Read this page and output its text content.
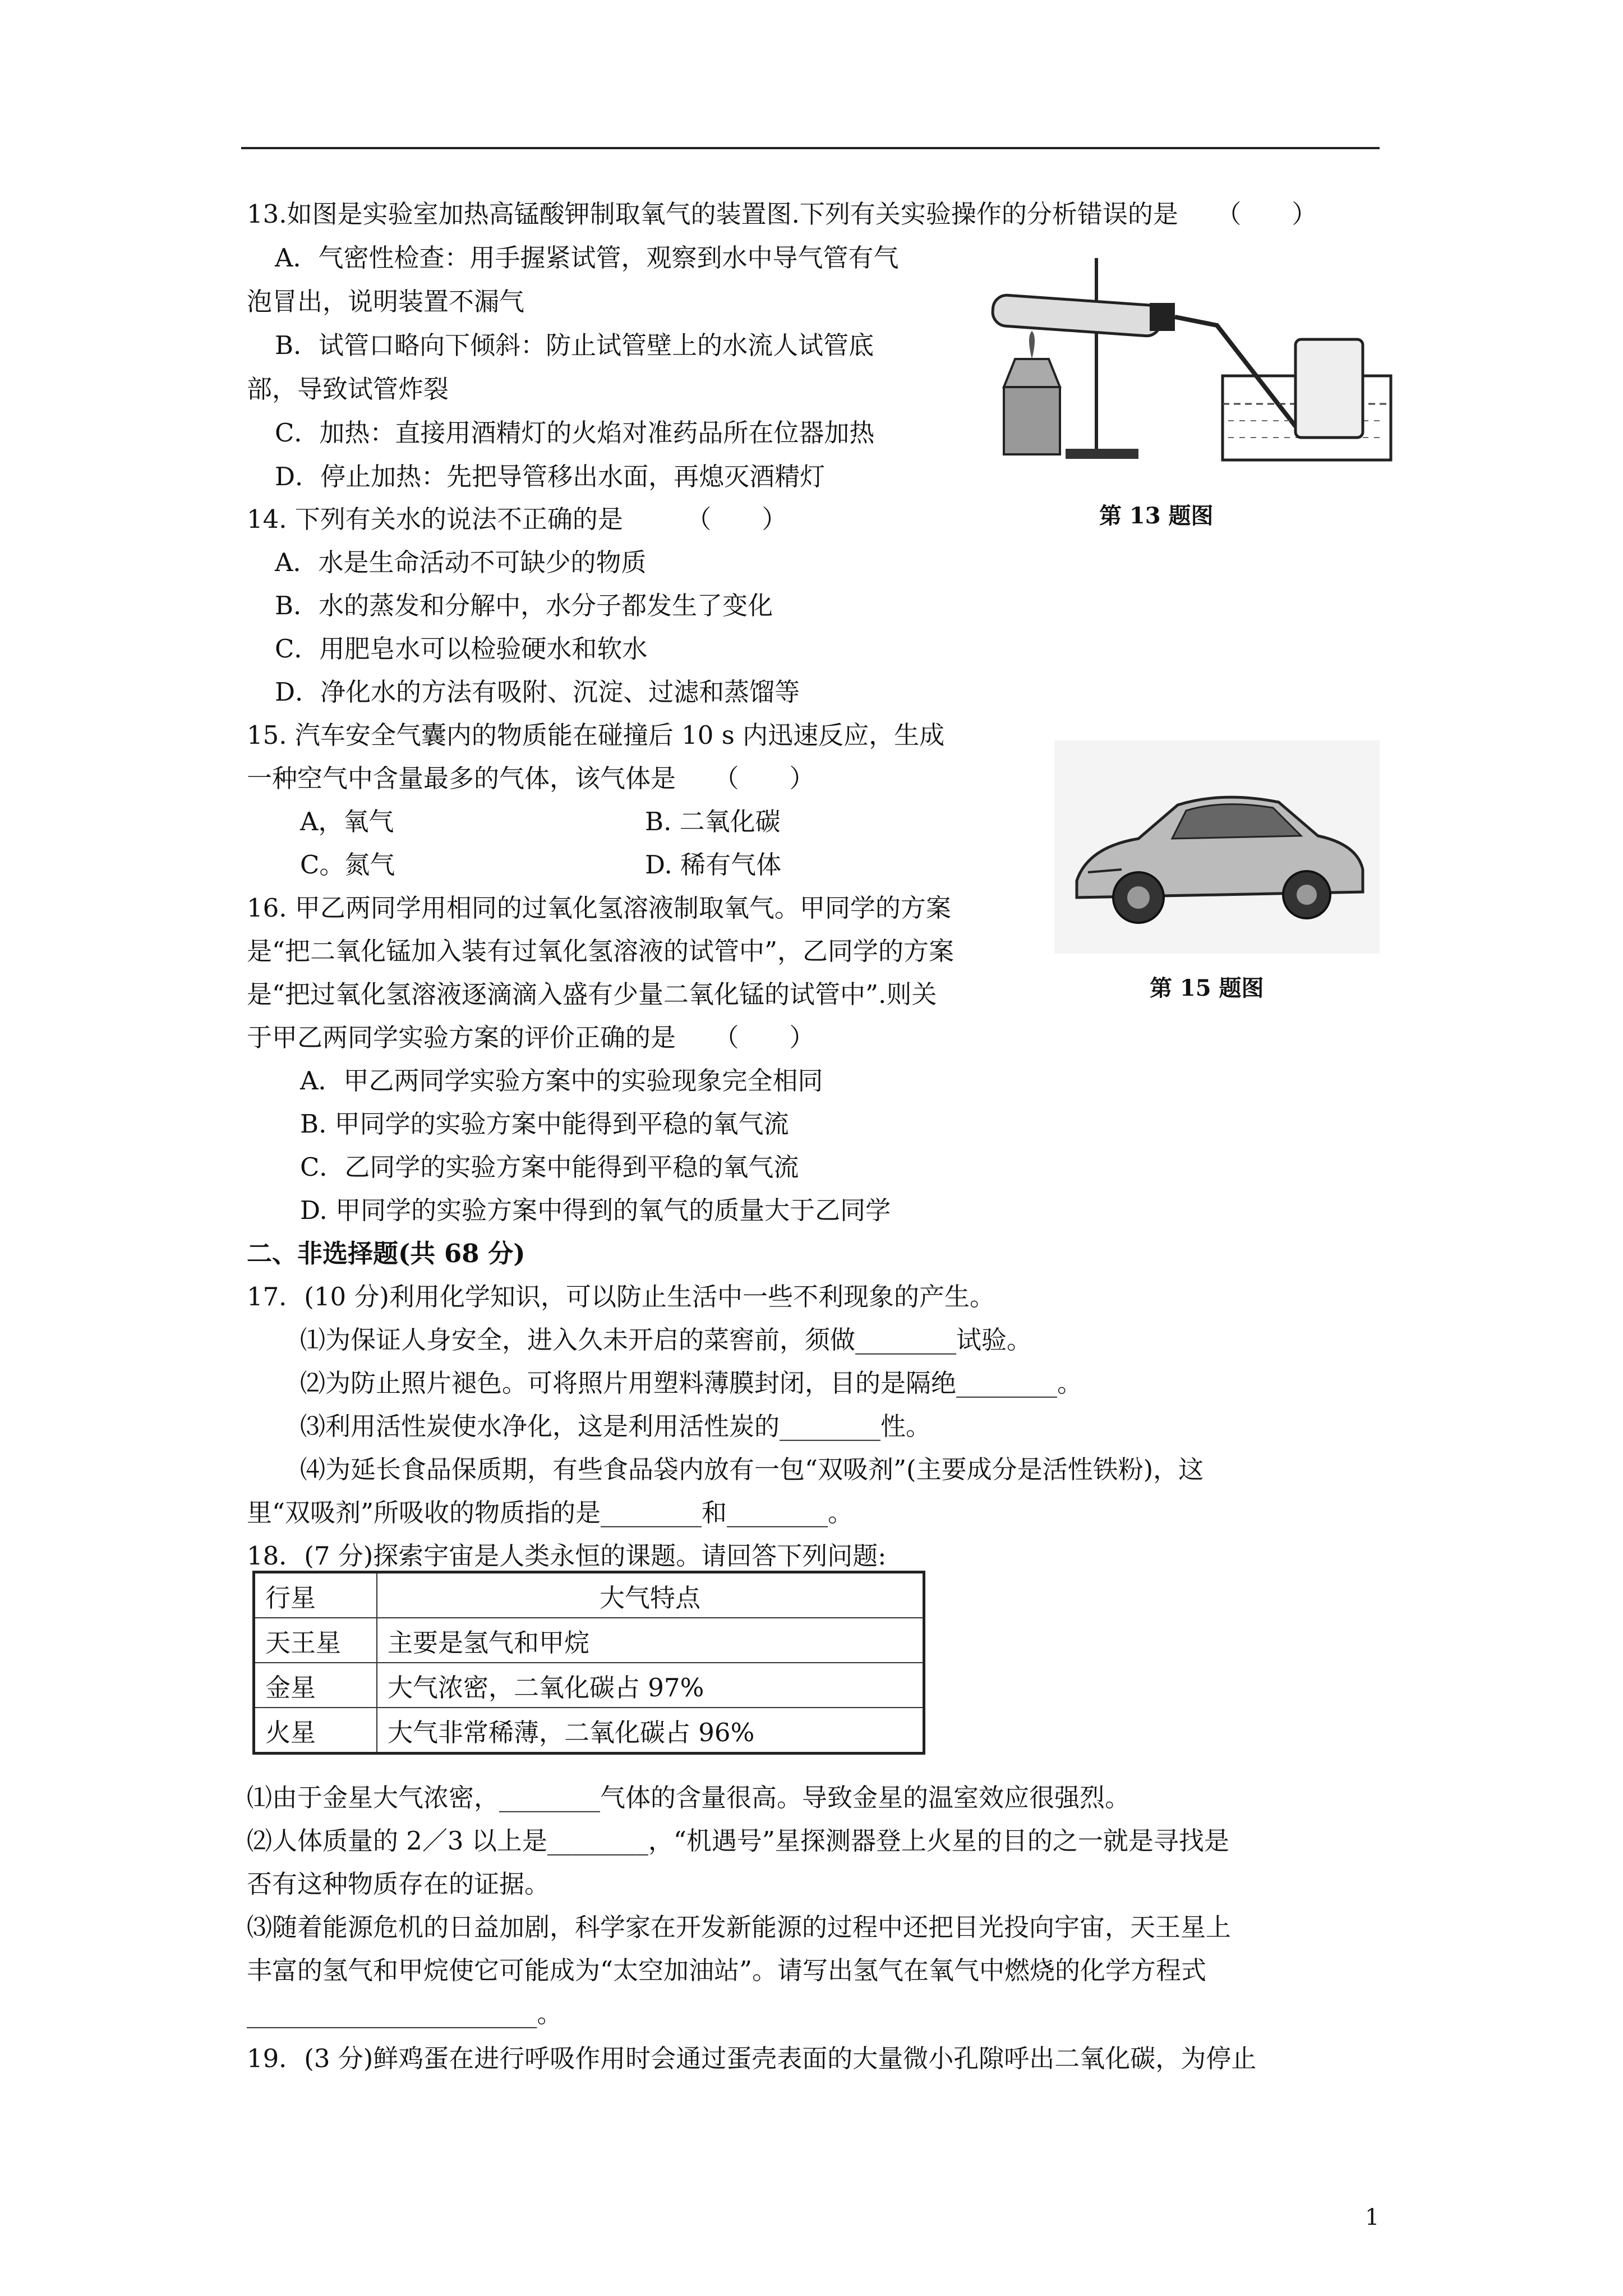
13.如图是实验室加热高锰酸钾制取氧气的装置图.下列有关实验操作的分析错误的是　　（　　）
A．气密性检查：用手握紧试管，观察到水中导气管有气
泡冒出，说明装置不漏气
B．试管口略向下倾斜：防止试管壁上的水流人试管底
部，导致试管炸裂
C．加热：直接用酒精灯的火焰对准药品所在位器加热
D．停止加热：先把导管移出水面，再熄灭酒精灯
第 13 题图
14. 下列有关水的说法不正确的是　　　（　　）
A．水是生命活动不可缺少的物质
B．水的蒸发和分解中，水分子都发生了变化
C．用肥皂水可以检验硬水和软水
D．净化水的方法有吸附、沉淀、过滤和蒸馏等
15. 汽车安全气囊内的物质能在碰撞后 10 s 内迅速反应，生成
一种空气中含量最多的气体，该气体是　　（　　）
A，氧气	B. 二氧化碳
C。氮气	D. 稀有气体
第 15 题图
16. 甲乙两同学用相同的过氧化氢溶液制取氧气。甲同学的方案
是“把二氧化锰加入装有过氧化氢溶液的试管中”，乙同学的方案
是“把过氧化氢溶液逐滴滴入盛有少量二氧化锰的试管中”.则关
于甲乙两同学实验方案的评价正确的是　　（　　）
A．甲乙两同学实验方案中的实验现象完全相同
B. 甲同学的实验方案中能得到平稳的氧气流
C．乙同学的实验方案中能得到平稳的氧气流
D. 甲同学的实验方案中得到的氧气的质量大于乙同学
二、非选择题(共 68 分)
17．(10 分)利用化学知识，可以防止生活中一些不利现象的产生。
⑴为保证人身安全，进入久未开启的菜窖前，须做________试验。
⑵为防止照片褪色。可将照片用塑料薄膜封闭，目的是隔绝________。
⑶利用活性炭使水净化，这是利用活性炭的________性。
⑷为延长食品保质期，有些食品袋内放有一包“双吸剂”(主要成分是活性铁粉)，这
里“双吸剂”所吸收的物质指的是________和________。
18．(7 分)探索宇宙是人类永恒的课题。请回答下列问题:
行星	大气特点
天王星	主要是氢气和甲烷
金星	大气浓密，二氧化碳占 97%
火星	大气非常稀薄，二氧化碳占 96%
⑴由于金星大气浓密，________气体的含量很高。导致金星的温室效应很强烈。
⑵人体质量的 2／3 以上是________，“机遇号”星探测器登上火星的目的之一就是寻找是
否有这种物质存在的证据。
⑶随着能源危机的日益加剧，科学家在开发新能源的过程中还把目光投向宇宙，天王星上
丰富的氢气和甲烷使它可能成为“太空加油站”。请写出氢气在氧气中燃烧的化学方程式
_______________________。
19．(3 分)鲜鸡蛋在进行呼吸作用时会通过蛋壳表面的大量微小孔隙呼出二氧化碳，为停止
1
